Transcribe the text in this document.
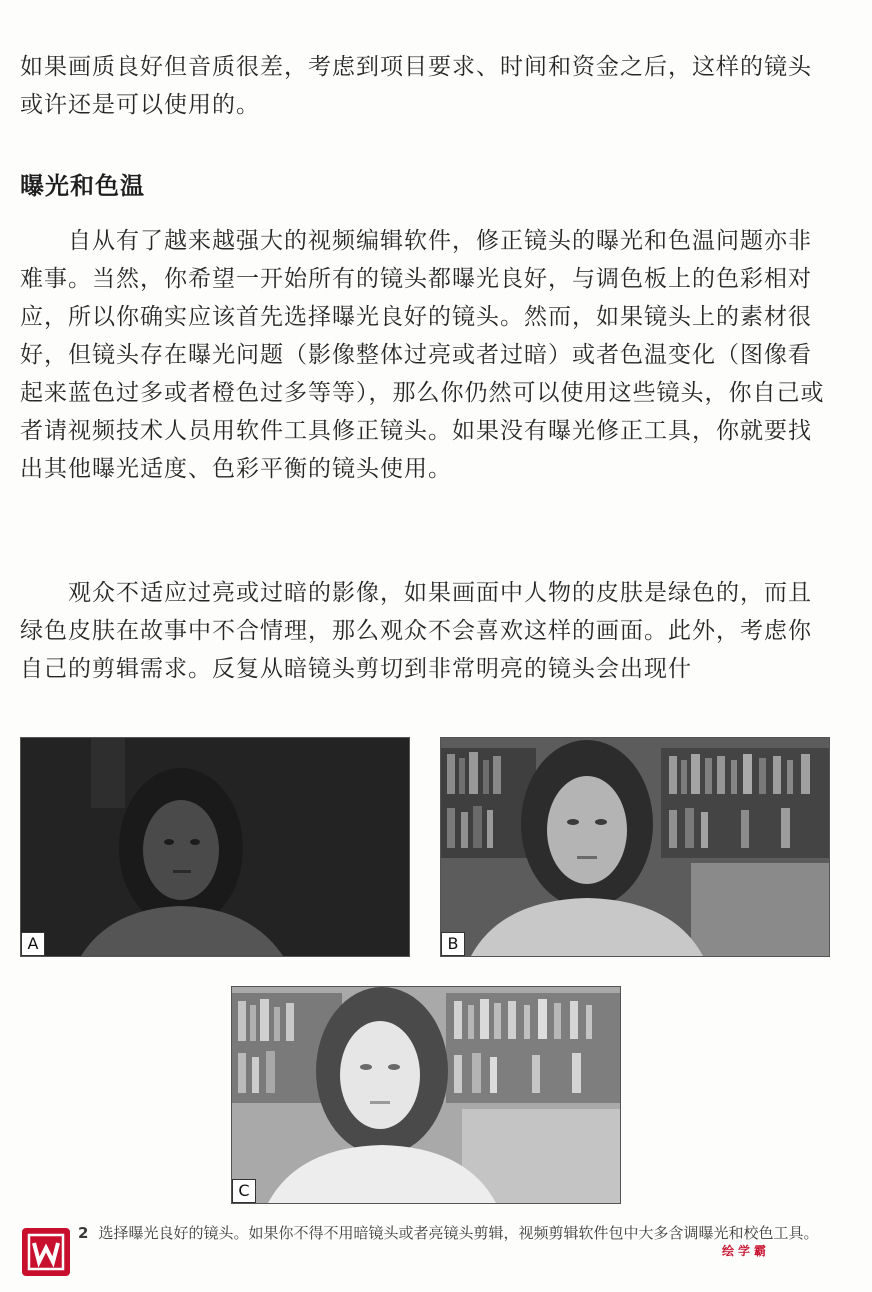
如果画质良好但音质很差，考虑到项目要求、时间和资金之后，这样的镜头或许还是可以使用的。

曝光和色温

自从有了越来越强大的视频编辑软件，修正镜头的曝光和色温问题亦非难事。当然，你希望一开始所有的镜头都曝光良好，与调色板上的色彩相对应，所以你确实应该首先选择曝光良好的镜头。然而，如果镜头上的素材很好，但镜头存在曝光问题（影像整体过亮或者过暗）或者色温变化（图像看起来蓝色过多或者橙色过多等等），那么你仍然可以使用这些镜头，你自己或者请视频技术人员用软件工具修正镜头。如果没有曝光修正工具，你就要找出其他曝光适度、色彩平衡的镜头使用。

观众不适应过亮或过暗的影像，如果画面中人物的皮肤是绿色的，而且绿色皮肤在故事中不合情理，那么观众不会喜欢这样的画面。此外，考虑你自己的剪辑需求。反复从暗镜头剪切到非常明亮的镜头会出现什

A	B
C

2 选择曝光良好的镜头。如果你不得不用暗镜头或者亮镜头剪辑，视频剪辑软件包中大多含调曝光和校色工具。

绘学霸
